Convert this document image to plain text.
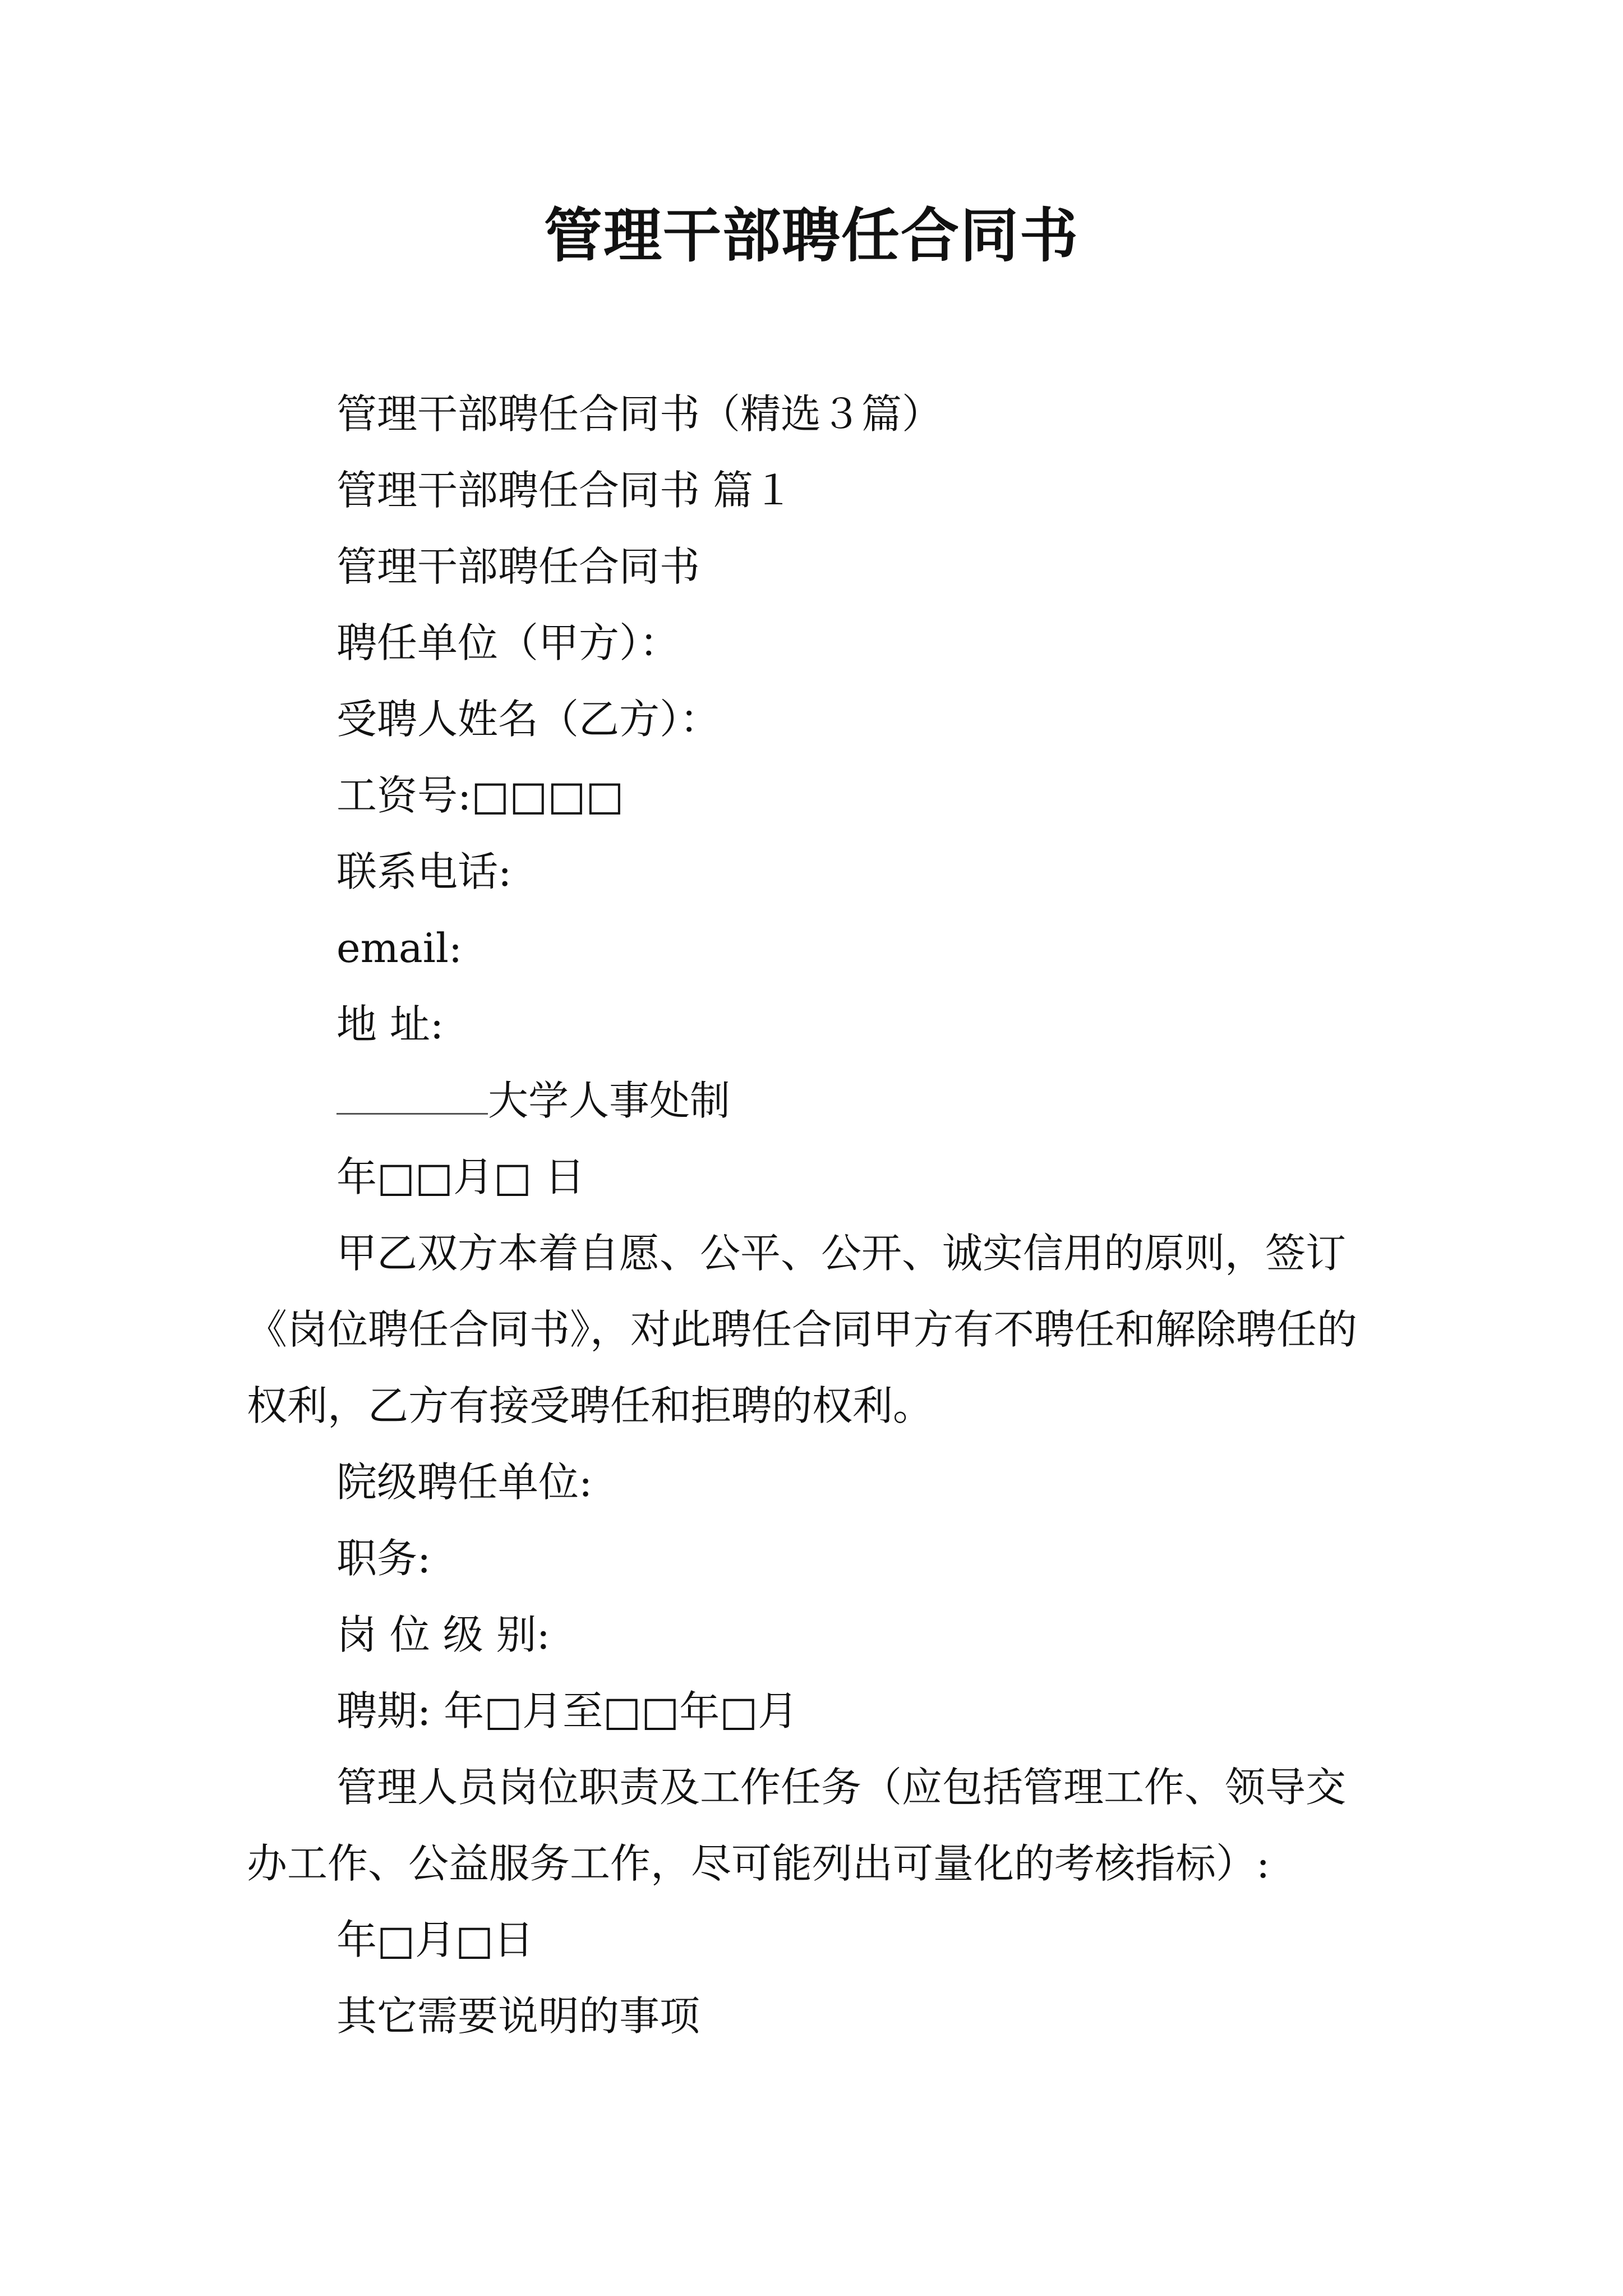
管理干部聘任合同书

管理干部聘任合同书（精选３篇）

管理干部聘任合同书 篇１

管理干部聘任合同书

聘任单位（甲方）：

受聘人姓名（乙方）：

工资号:□□□□

联系电话:

email:

地 址:

大学人事处制

年□□月□ 日

甲乙双方本着自愿、公平、公开、诚实信用的原则，签订《岗位聘任合同书》，对此聘任合同甲方有不聘任和解除聘任的权利，乙方有接受聘任和拒聘的权利。

院级聘任单位:

职务:

岗 位 级 别:

聘期: 年□月至□□年□月

管理人员岗位职责及工作任务（应包括管理工作、领导交办工作、公益服务工作，尽可能列出可量化的考核指标）:

年□月□日

其它需要说明的事项
